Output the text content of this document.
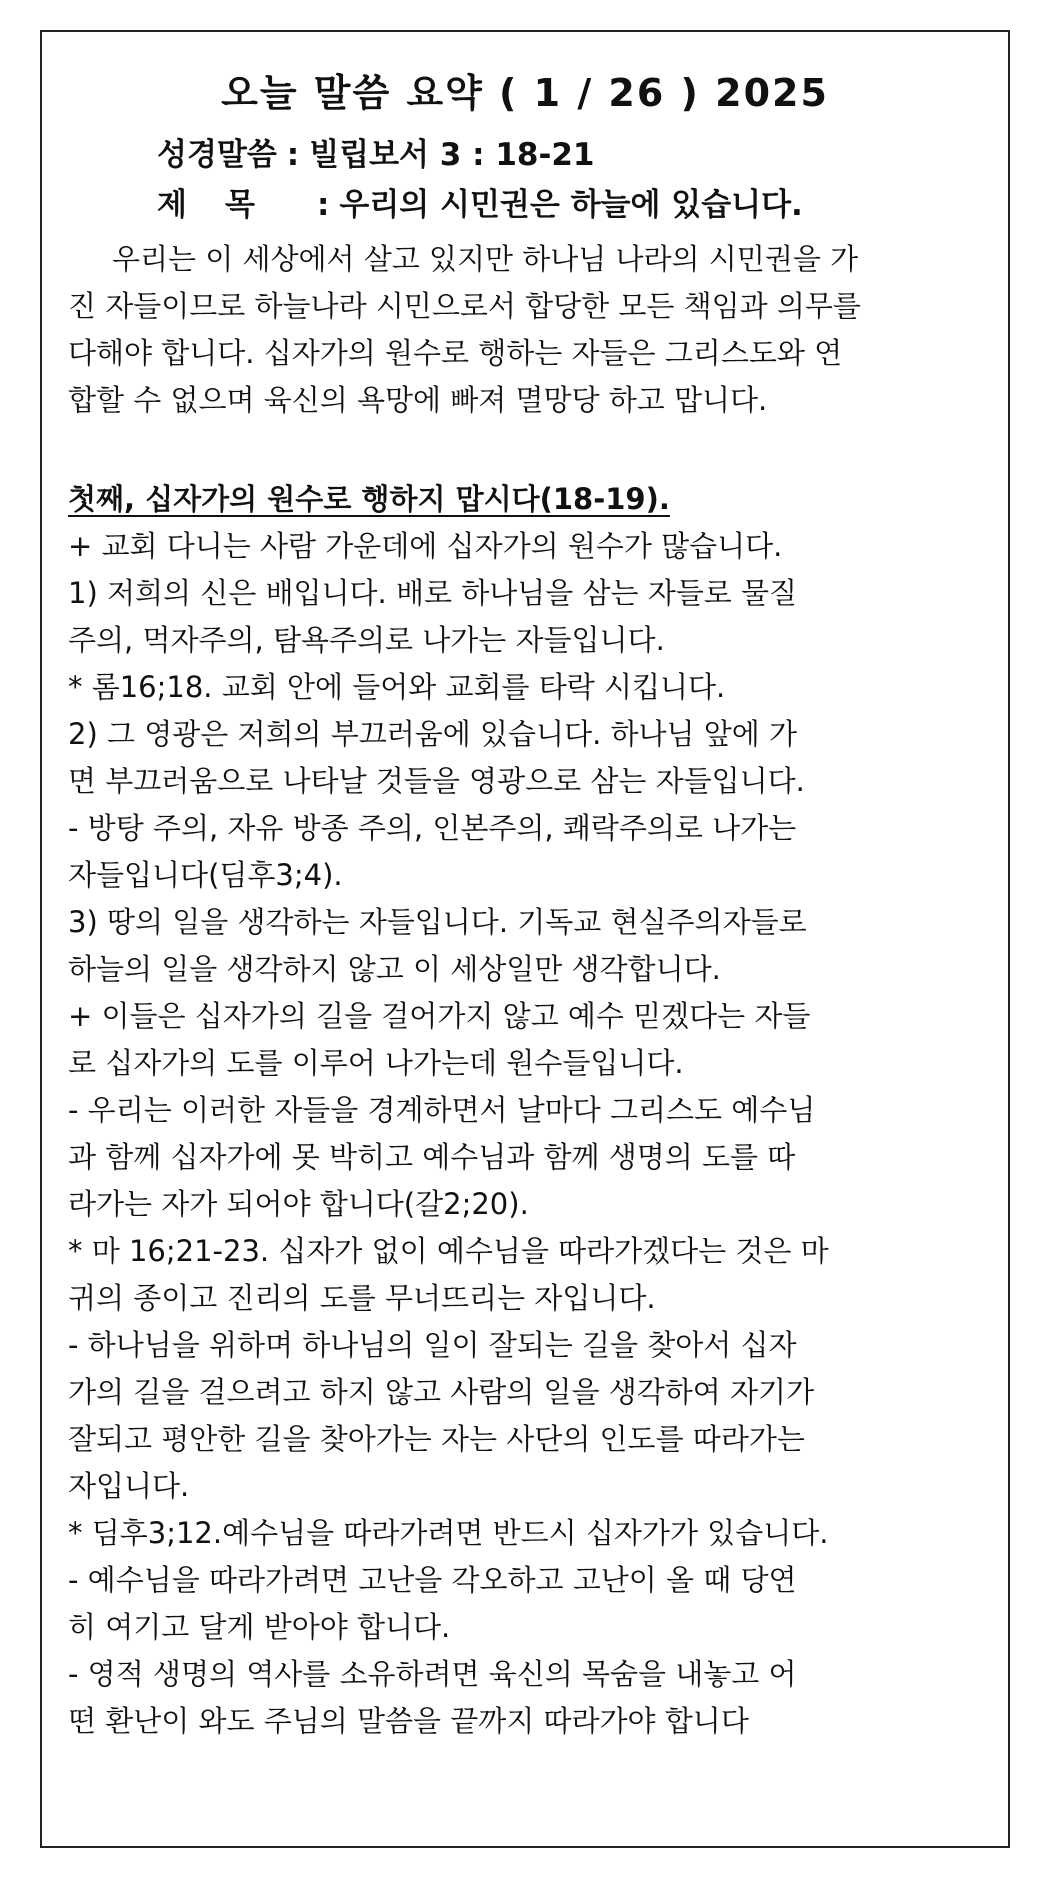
오늘 말씀 요약 ( 1 / 26 ) 2025
성경말씀 : 빌립보서 3 : 18-21
제목 : 우리의 시민권은 하늘에 있습니다.
우리는 이 세상에서 살고 있지만 하나님 나라의 시민권을 가
진 자들이므로 하늘나라 시민으로서 합당한 모든 책임과 의무를
다해야 합니다. 십자가의 원수로 행하는 자들은 그리스도와 연
합할 수 없으며 육신의 욕망에 빠져 멸망당 하고 맙니다.
첫째, 십자가의 원수로 행하지 맙시다(18-19).
+ 교회 다니는 사람 가운데에 십자가의 원수가 많습니다.
1) 저희의 신은 배입니다. 배로 하나님을 삼는 자들로 물질
주의, 먹자주의, 탐욕주의로 나가는 자들입니다.
* 롬16;18. 교회 안에 들어와 교회를 타락 시킵니다.
2) 그 영광은 저희의 부끄러움에 있습니다. 하나님 앞에 가
면 부끄러움으로 나타날 것들을 영광으로 삼는 자들입니다.
- 방탕 주의, 자유 방종 주의, 인본주의, 쾌락주의로 나가는
자들입니다(딤후3;4).
3) 땅의 일을 생각하는 자들입니다. 기독교 현실주의자들로
하늘의 일을 생각하지 않고 이 세상일만 생각합니다.
+ 이들은 십자가의 길을 걸어가지 않고 예수 믿겠다는 자들
로 십자가의 도를 이루어 나가는데 원수들입니다.
- 우리는 이러한 자들을 경계하면서 날마다 그리스도 예수님
과 함께 십자가에 못 박히고 예수님과 함께 생명의 도를 따
라가는 자가 되어야 합니다(갈2;20).
* 마 16;21-23. 십자가 없이 예수님을 따라가겠다는 것은 마
귀의 종이고 진리의 도를 무너뜨리는 자입니다.
- 하나님을 위하며 하나님의 일이 잘되는 길을 찾아서 십자
가의 길을 걸으려고 하지 않고 사람의 일을 생각하여 자기가
잘되고 평안한 길을 찾아가는 자는 사단의 인도를 따라가는
자입니다.
* 딤후3;12.예수님을 따라가려면 반드시 십자가가 있습니다.
- 예수님을 따라가려면 고난을 각오하고 고난이 올 때 당연
히 여기고 달게 받아야 합니다.
- 영적 생명의 역사를 소유하려면 육신의 목숨을 내놓고 어
떤 환난이 와도 주님의 말씀을 끝까지 따라가야 합니다
